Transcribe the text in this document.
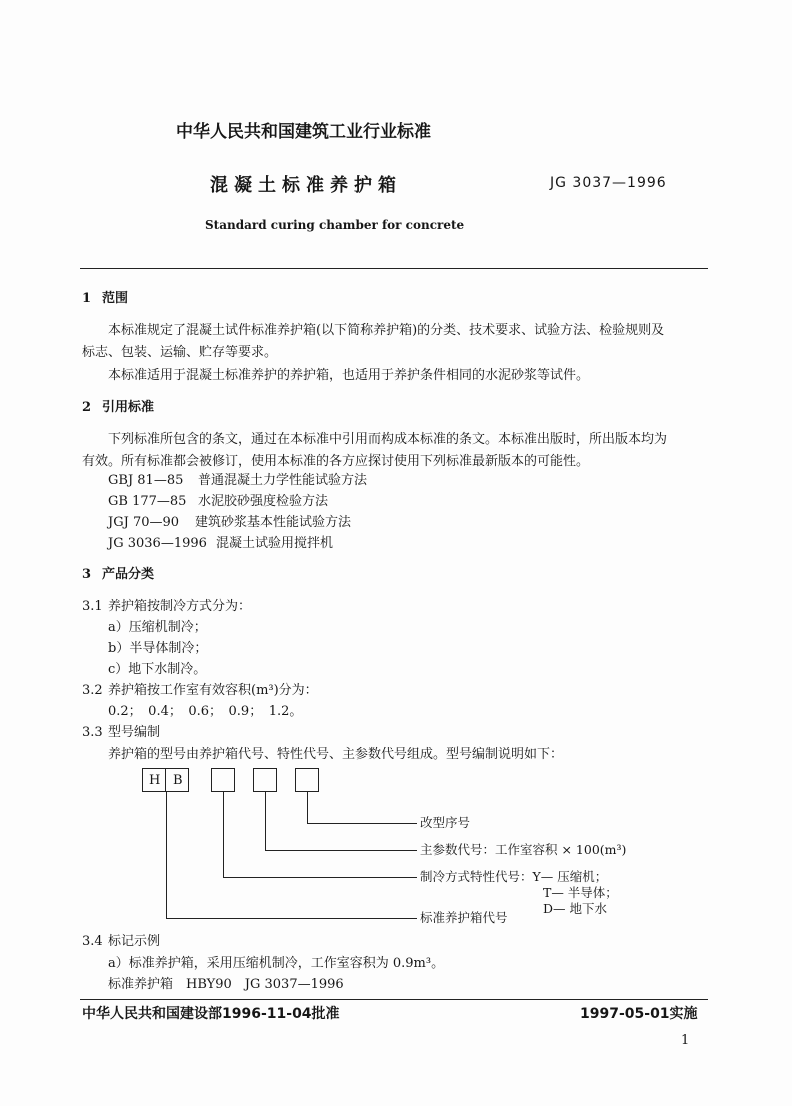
中华人民共和国建筑工业行业标准
混凝土标准养护箱	JG 3037—1996
Standard curing chamber for concrete
1 范围
本标准规定了混凝土试件标准养护箱(以下简称养护箱)的分类、技术要求、试验方法、检验规则及
标志、包装、运输、贮存等要求。
本标准适用于混凝土标准养护的养护箱，也适用于养护条件相同的水泥砂浆等试件。
2 引用标准
下列标准所包含的条文，通过在本标准中引用而构成本标准的条文。本标准出版时，所出版本均为
有效。所有标准都会被修订，使用本标准的各方应探讨使用下列标准最新版本的可能性。
GBJ 81—85 普通混凝土力学性能试验方法
GB 177—85 水泥胶砂强度检验方法
JGJ 70—90 建筑砂浆基本性能试验方法
JG 3036—1996 混凝土试验用搅拌机
3 产品分类
3.1 养护箱按制冷方式分为：
a）压缩机制冷；
b）半导体制冷；
c）地下水制冷。
3.2 养护箱按工作室有效容积(m³)分为：
0.2；　0.4；　0.6；　0.9；　1.2。
3.3 型号编制
养护箱的型号由养护箱代号、特性代号、主参数代号组成。型号编制说明如下：
H B
改型序号
主参数代号：工作室容积 × 100(m³)
制冷方式特性代号：Y— 压缩机；
T— 半导体；
D— 地下水
标准养护箱代号
3.4 标记示例
a）标准养护箱，采用压缩机制冷，工作室容积为 0.9m³。
标准养护箱　HBY90　JG 3037—1996
中华人民共和国建设部1996-11-04批准	1997-05-01实施
1
